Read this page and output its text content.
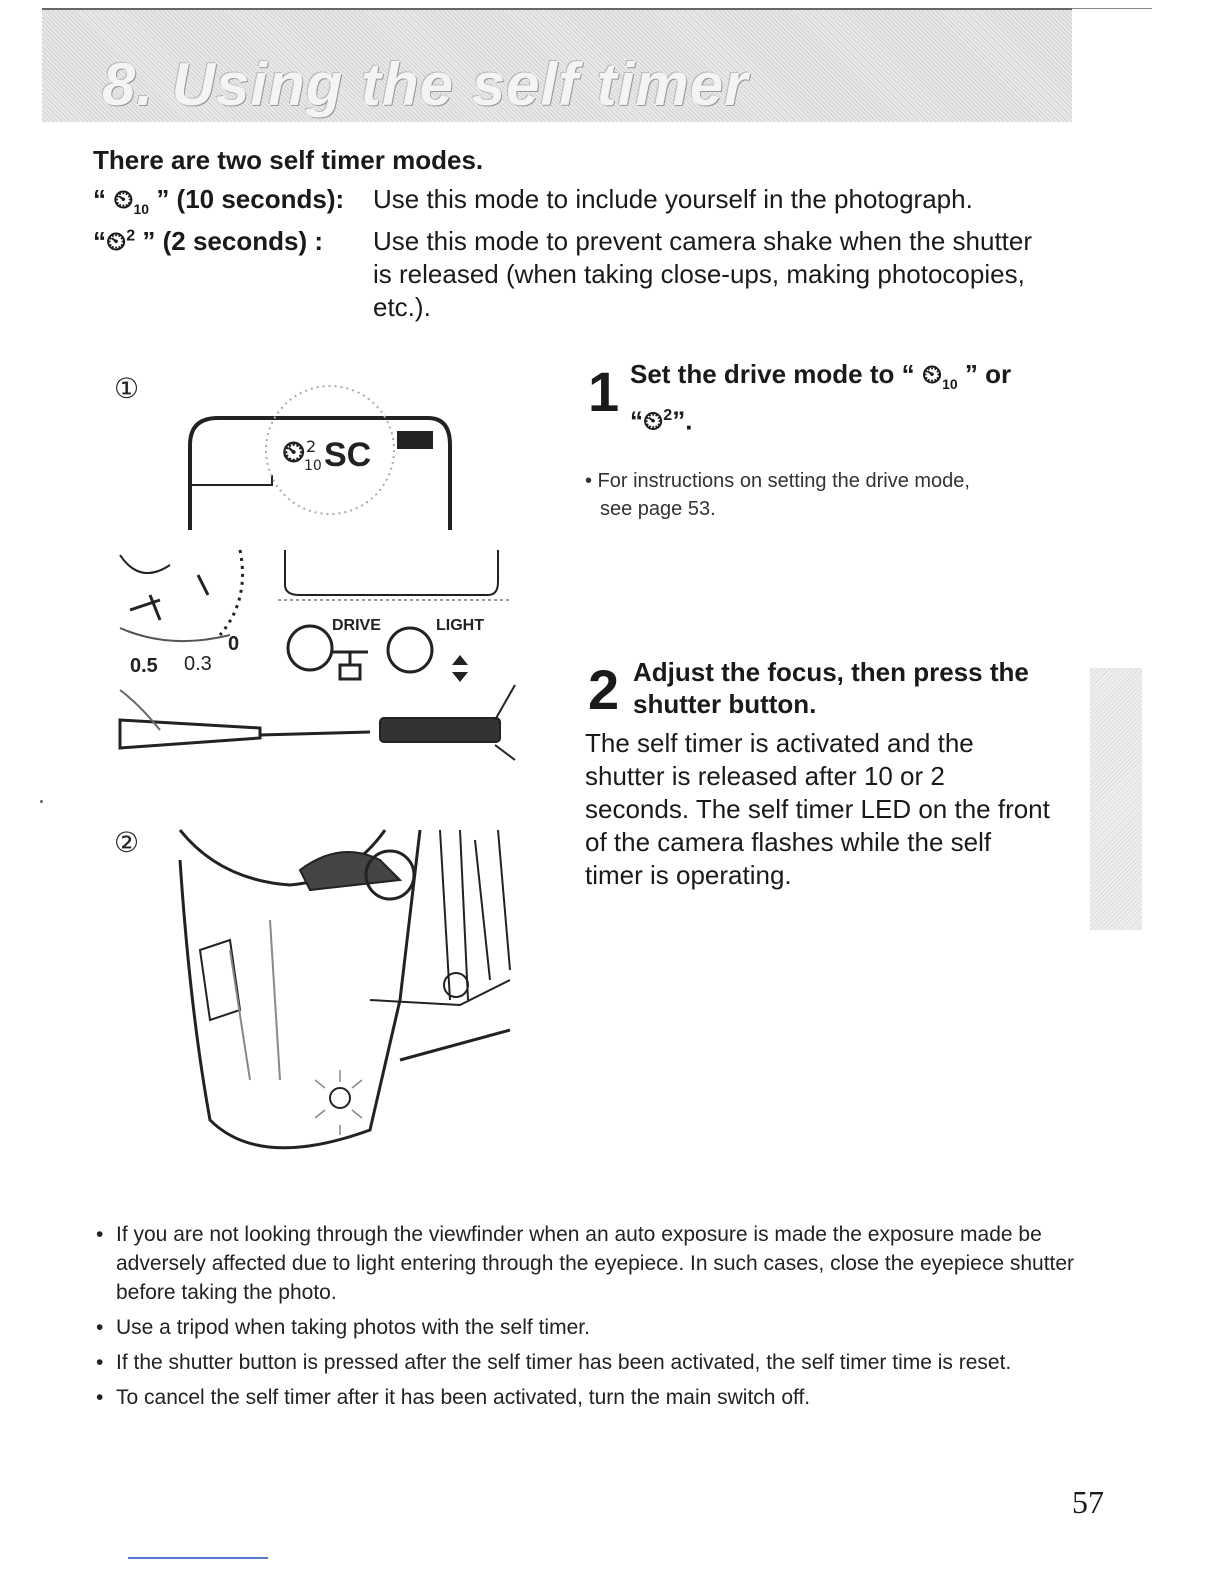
8. Using the self timer
There are two self timer modes.
“ $⏲_{10}$ ” (10 seconds): Use this mode to include yourself in the photograph.
“⏲$^2$ ” (2 seconds) : Use this mode to prevent camera shake when the shutter is released (when taking close-ups, making photocopies, etc.).
①
⏲ 2
10 SC
0.5 0.3
0
DRIVE	LIGHT
②
1 Set the drive mode to “ $⏲_{10}$ ” or
“⏲$^2$”.
• For instructions on setting the drive mode,
see page 53.
2 Adjust the focus, then press the
shutter button.
The self timer is activated and the shutter is released after 10 or 2 seconds. The self timer LED on the front of the camera flashes while the self timer is operating.
• If you are not looking through the viewfinder when an auto exposure is made the exposure made be adversely affected due to light entering through the eyepiece. In such cases, close the eyepiece shutter before taking the photo.
• Use a tripod when taking photos with the self timer.
• If the shutter button is pressed after the self timer has been activated, the self timer time is reset.
• To cancel the self timer after it has been activated, turn the main switch off.
57
